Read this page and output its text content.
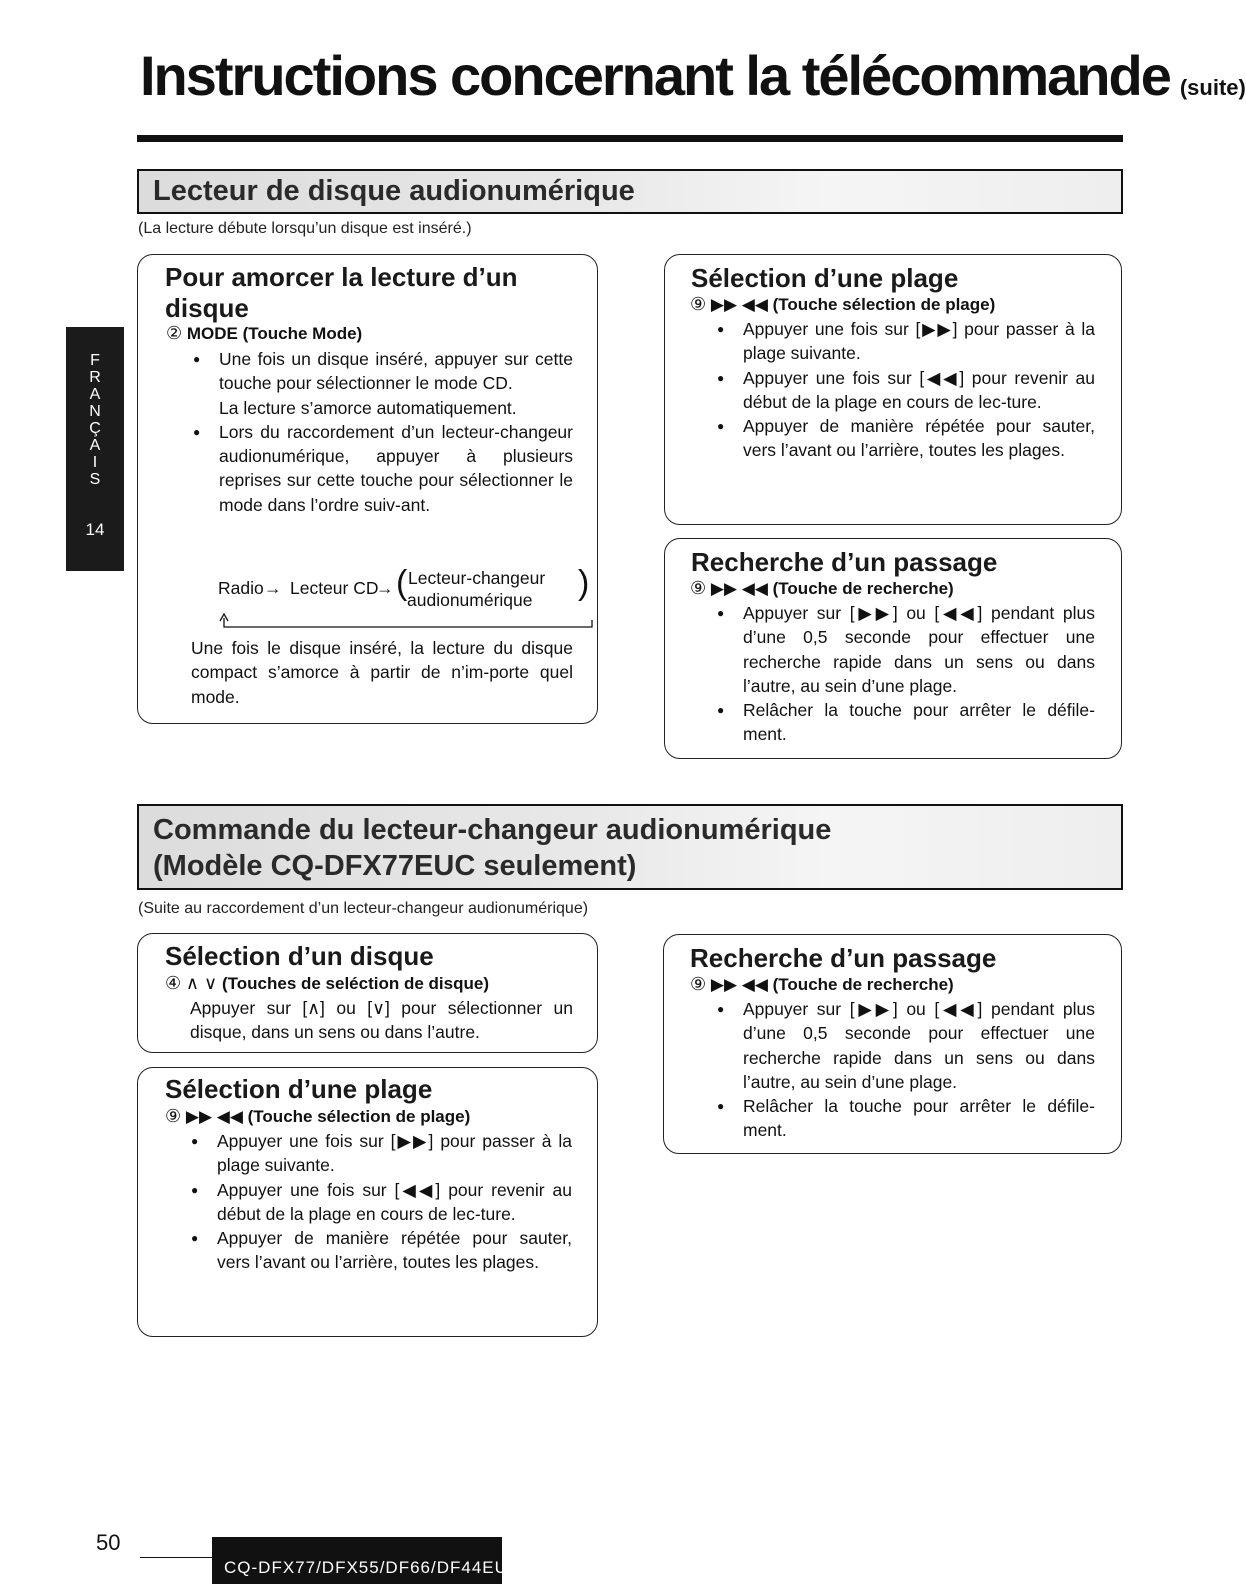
Instructions concernant la télécommande (suite)
F
R
A
N
Ç
A
I
S
14
Lecteur de disque audionumérique
(La lecture débute lorsqu’un disque est inséré.)
Pour amorcer la lecture d’un
disque
② MODE (Touche Mode)
● Une fois un disque inséré, appuyer sur cette touche pour sélectionner le mode CD.
La lecture s’amorce automatiquement.
● Lors du raccordement d’un lecteur-changeur audionumérique, appuyer à plusieurs reprises sur cette touche pour sélectionner le mode dans l’ordre suiv-ant.
Radio → Lecteur CD
→ ( Lecteur-changeur
audionumérique )
Une fois le disque inséré, la lecture du disque compact s’amorce à partir de n’im-porte quel mode.
Sélection d’une plage
⑨ ▶▶ ◀◀ (Touche sélection de plage)
● Appuyer une fois sur [▶▶] pour passer à la plage suivante.
● Appuyer une fois sur [◀◀] pour revenir au début de la plage en cours de lec-ture.
● Appuyer de manière répétée pour sauter, vers l’avant ou l’arrière, toutes les plages.
Recherche d’un passage
⑨ ▶▶ ◀◀ (Touche de recherche)
● Appuyer sur [▶▶] ou [◀◀] pendant plus d’une 0,5 seconde pour effectuer une recherche rapide dans un sens ou dans l’autre, au sein d’une plage.
● Relâcher la touche pour arrêter le défile-ment.
Commande du lecteur-changeur audionumérique
(Modèle CQ-DFX77EUC seulement)
(Suite au raccordement d’un lecteur-changeur audionumérique)
Sélection d’un disque
④ ∧ ∨ (Touches de seléction de disque)
Appuyer sur [∧] ou [∨] pour sélectionner un disque, dans un sens ou dans l’autre.
Sélection d’une plage
⑨ ▶▶ ◀◀ (Touche sélection de plage)
● Appuyer une fois sur [▶▶] pour passer à la plage suivante.
● Appuyer une fois sur [◀◀] pour revenir au début de la plage en cours de lec-ture.
● Appuyer de manière répétée pour sauter, vers l’avant ou l’arrière, toutes les plages.
Recherche d’un passage
⑨ ▶▶ ◀◀ (Touche de recherche)
● Appuyer sur [▶▶] ou [◀◀] pendant plus d’une 0,5 seconde pour effectuer une recherche rapide dans un sens ou dans l’autre, au sein d’une plage.
● Relâcher la touche pour arrêter le défile-ment.
50
CQ-DFX77/DFX55/DF66/DF44EUC
